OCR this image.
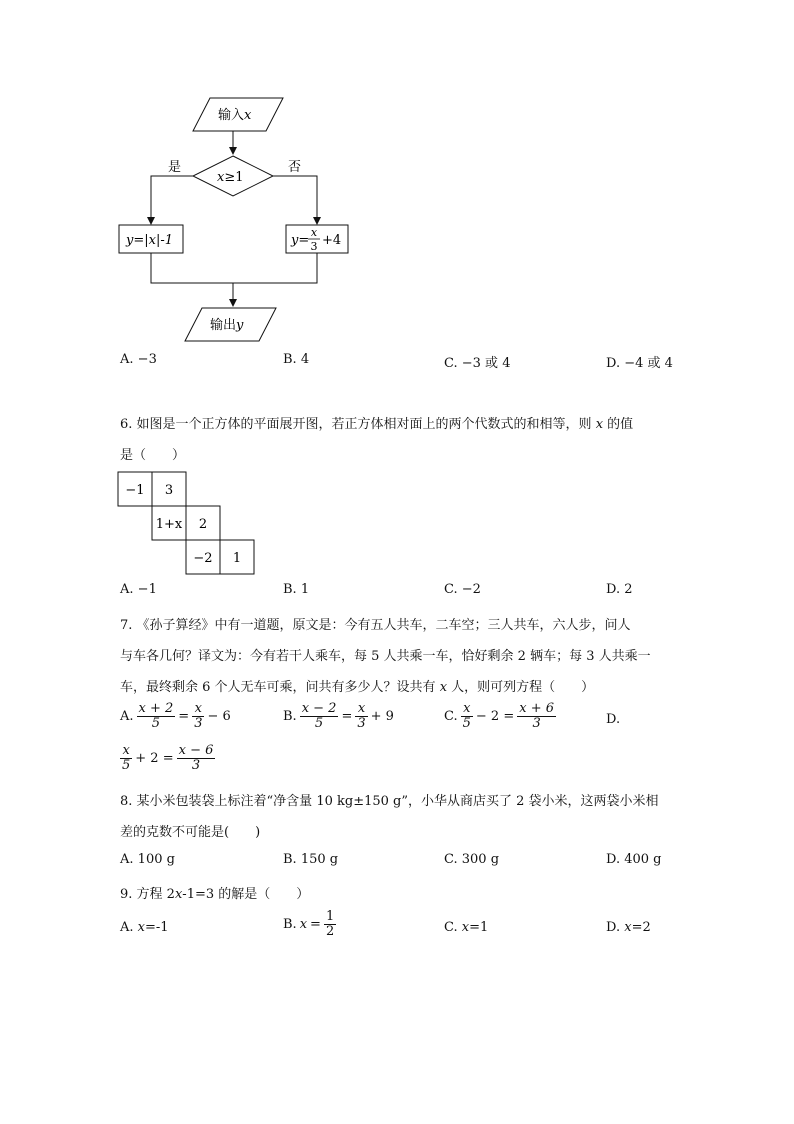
输入x
x≥1
是	否
y=|x|-1	y=
x
3 +4
输出y
A. −3	B. 4	C. −3 或 4	D. −4 或 4
6. 如图是一个正方体的平面展开图，若正方体相对面上的两个代数式的和相等，则 x 的值
是（　　）
−1 3
1+x 2
−2 1
A. −1	B. 1	C. −2	D. 2
7. 《孙子算经》中有一道题，原文是：今有五人共车，二车空；三人共车，六人步，问人
与车各几何？译文为：今有若干人乘车，每 5 人共乘一车，恰好剩余 2 辆车；每 3 人共乘一
车，最终剩余 6 个人无车可乘，问共有多少人？设共有 x 人，则可列方程（　　）
A. $\frac{x + 2}{5} = \frac{x}{3} - 6$	B. $\frac{x - 2}{5} = \frac{x}{3} + 9$	C. $\frac{x}{5} - 2 = \frac{x + 6}{3}$	D.
$\frac{x}{5} + 2 = \frac{x - 6}{3}$
8. 某小米包装袋上标注着“净含量 10 kg±150 g”，小华从商店买了 2 袋小米，这两袋小米相
差的克数不可能是(　　)
A. 100 g	B. 150 g	C. 300 g	D. 400 g
9. 方程 2x-1=3 的解是（　　）
A. x=-1	B. $x = \frac{1}{2}$	C. x=1	D. x=2
